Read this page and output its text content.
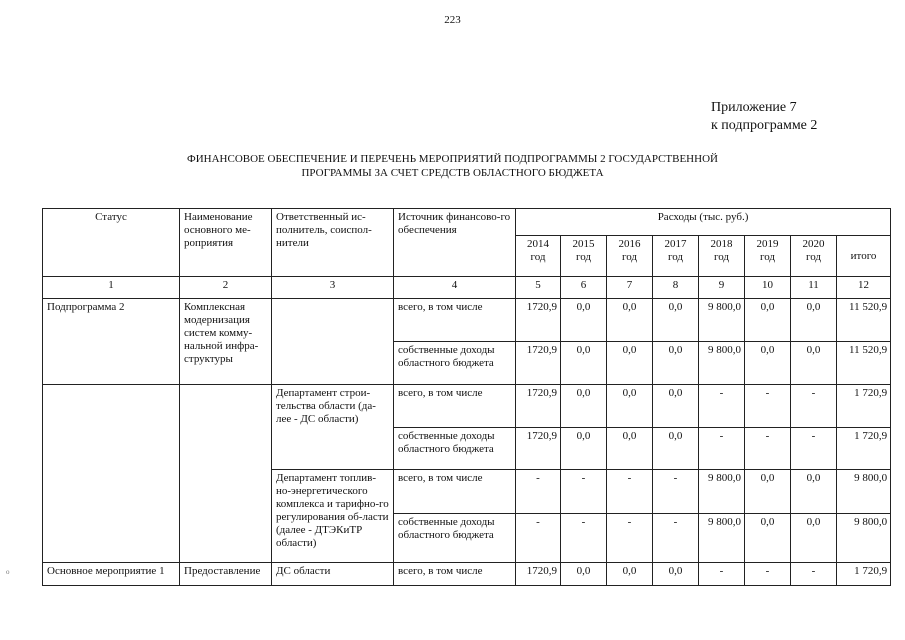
223
Приложение 7
к подпрограмме 2
ФИНАНСОВОЕ ОБЕСПЕЧЕНИЕ И ПЕРЕЧЕНЬ МЕРОПРИЯТИЙ ПОДПРОГРАММЫ 2 ГОСУДАРСТВЕННОЙ
ПРОГРАММЫ ЗА СЧЕТ СРЕДСТВ ОБЛАСТНОГО БЮДЖЕТА
о
Статус	Наименование основного ме-роприятия	Ответственный ис-полнитель, соиспол-нители	Источник финансово-го обеспечения	Расходы (тыс. руб.)							
				2014 год	2015 год	2016 год	2017 год	2018 год	2019 год	2020 год	итого
1	2	3	4	5	6	7	8	9	10	11	12
Подпрограмма 2	Комплексная модернизация систем комму-нальной инфра-структуры		всего, в том числе	1720,9	0,0	0,0	0,0	9 800,0	0,0	0,0	11 520,9
			собственные доходы областного бюджета	1720,9	0,0	0,0	0,0	9 800,0	0,0	0,0	11 520,9
		Департамент строи-тельства области (да-лее - ДС области)	всего, в том числе	1720,9	0,0	0,0	0,0	-	-	-	1 720,9
			собственные доходы областного бюджета	1720,9	0,0	0,0	0,0	-	-	-	1 720,9
		Департамент топлив-но-энергетического комплекса и тарифно-го регулирования об-ласти (далее - ДТЭКиТР области)	всего, в том числе	-	-	-	-	9 800,0	0,0	0,0	9 800,0
			собственные доходы областного бюджета	-	-	-	-	9 800,0	0,0	0,0	9 800,0
Основное мероприятие 1	Предоставление	ДС области	всего, в том числе	1720,9	0,0	0,0	0,0	-	-	-	1 720,9
